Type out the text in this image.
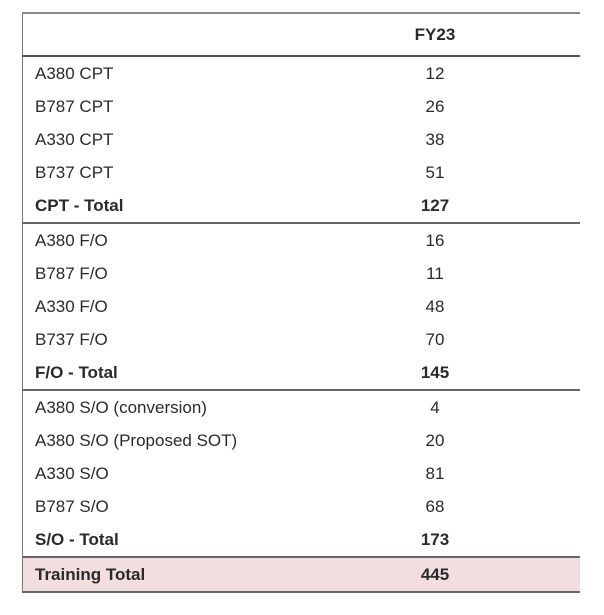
	FY23
A380 CPT	12
B787 CPT	26
A330 CPT	38
B737 CPT	51
CPT - Total	127
A380 F/O	16
B787 F/O	11
A330 F/O	48
B737 F/O	70
F/O - Total	145
A380 S/O (conversion)	4
A380 S/O (Proposed SOT)	20
A330 S/O	81
B787 S/O	68
S/O - Total	173
Training Total	445
